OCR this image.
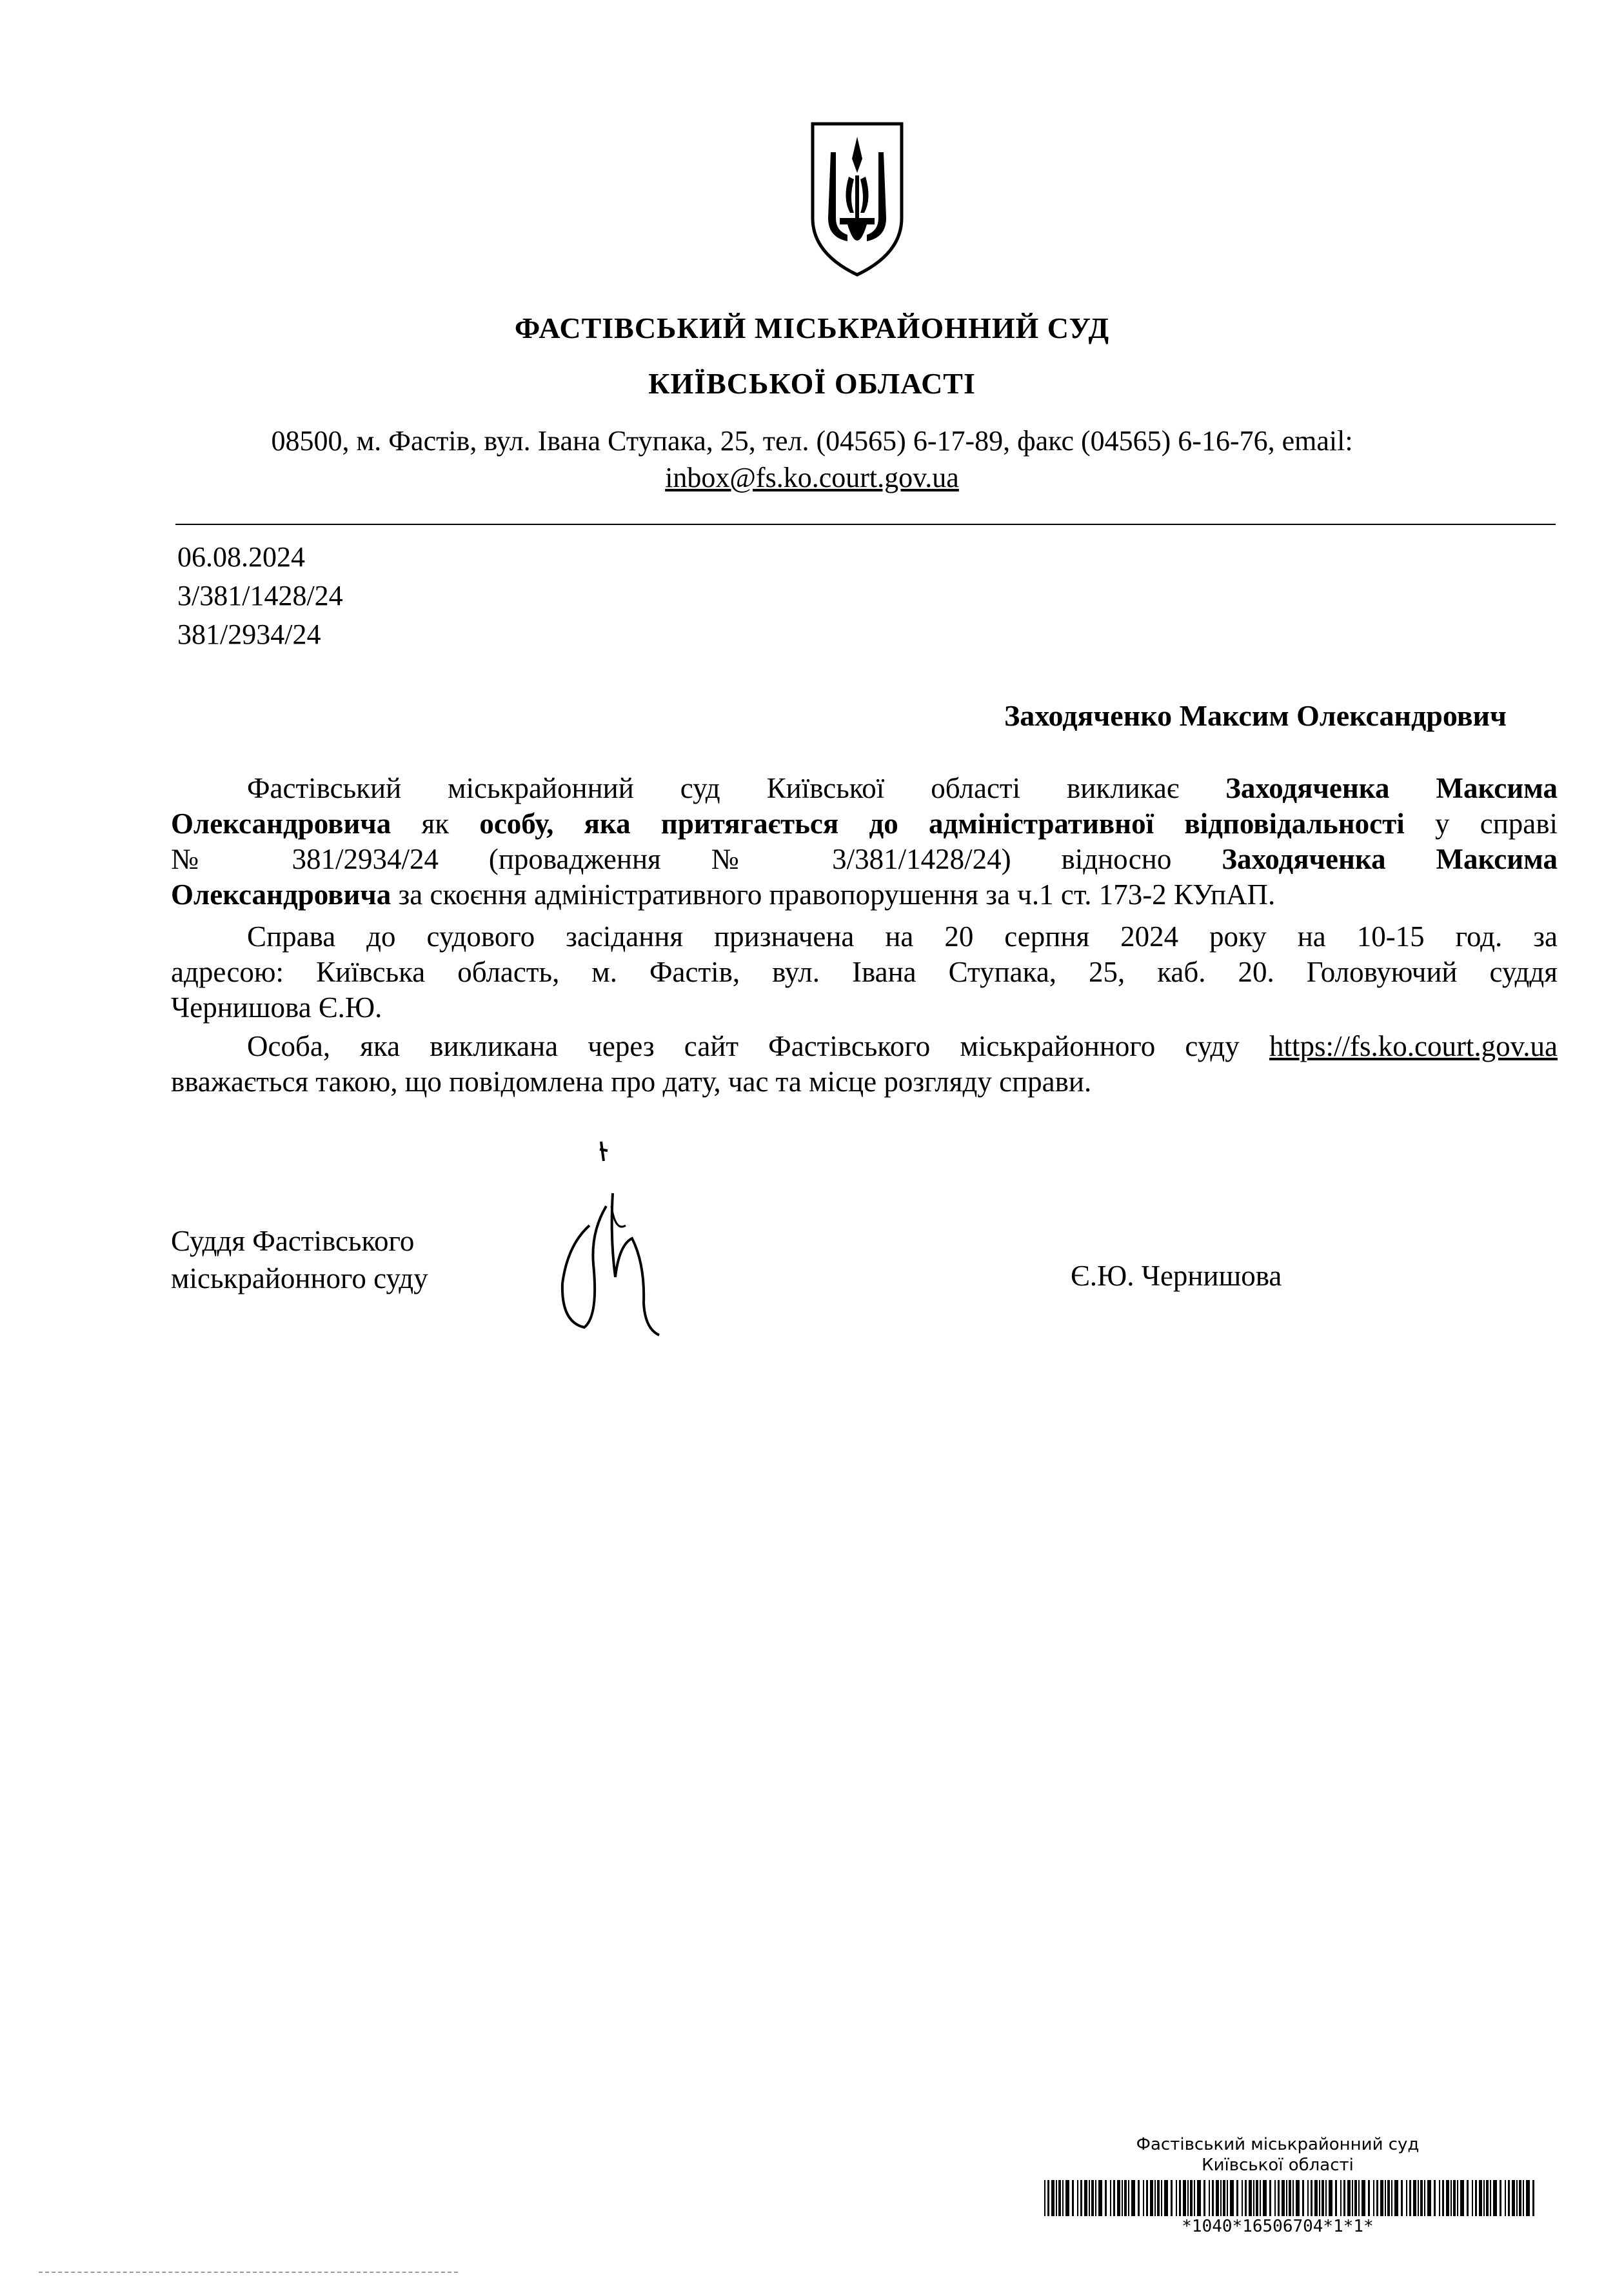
ФАСТІВСЬКИЙ МІСЬКРАЙОННИЙ СУД
КИЇВСЬКОЇ ОБЛАСТІ
08500, м. Фастів, вул. Івана Ступака, 25, тел. (04565) 6-17-89, факс (04565) 6-16-76, email:
inbox@fs.ko.court.gov.ua
06.08.2024
3/381/1428/24
381/2934/24
Заходяченко Максим Олександрович
Фастівський міськрайонний суд Київської області викликає Заходяченка Максима
Олександровича як особу, яка притягається до адміністративної відповідальності у справі
№ 381/2934/24 (провадження № 3/381/1428/24) відносно Заходяченка Максима
Олександровича за скоєння адміністративного правопорушення за ч.1 ст. 173-2 КУпАП.
Справа до судового засідання призначена на 20 серпня 2024 року на 10-15 год. за
адресою: Київська область, м. Фастів, вул. Івана Ступака, 25, каб. 20. Головуючий суддя
Чернишова Є.Ю.
Особа, яка викликана через сайт Фастівського міськрайонного суду https://fs.ko.court.gov.ua
вважається такою, що повідомлена про дату, час та місце розгляду справи.
Суддя Фастівського
міськрайонного суду	Є.Ю. Чернишова
Фастівський міськрайонний суд
Київської області
*1040*16506704*1*1*
